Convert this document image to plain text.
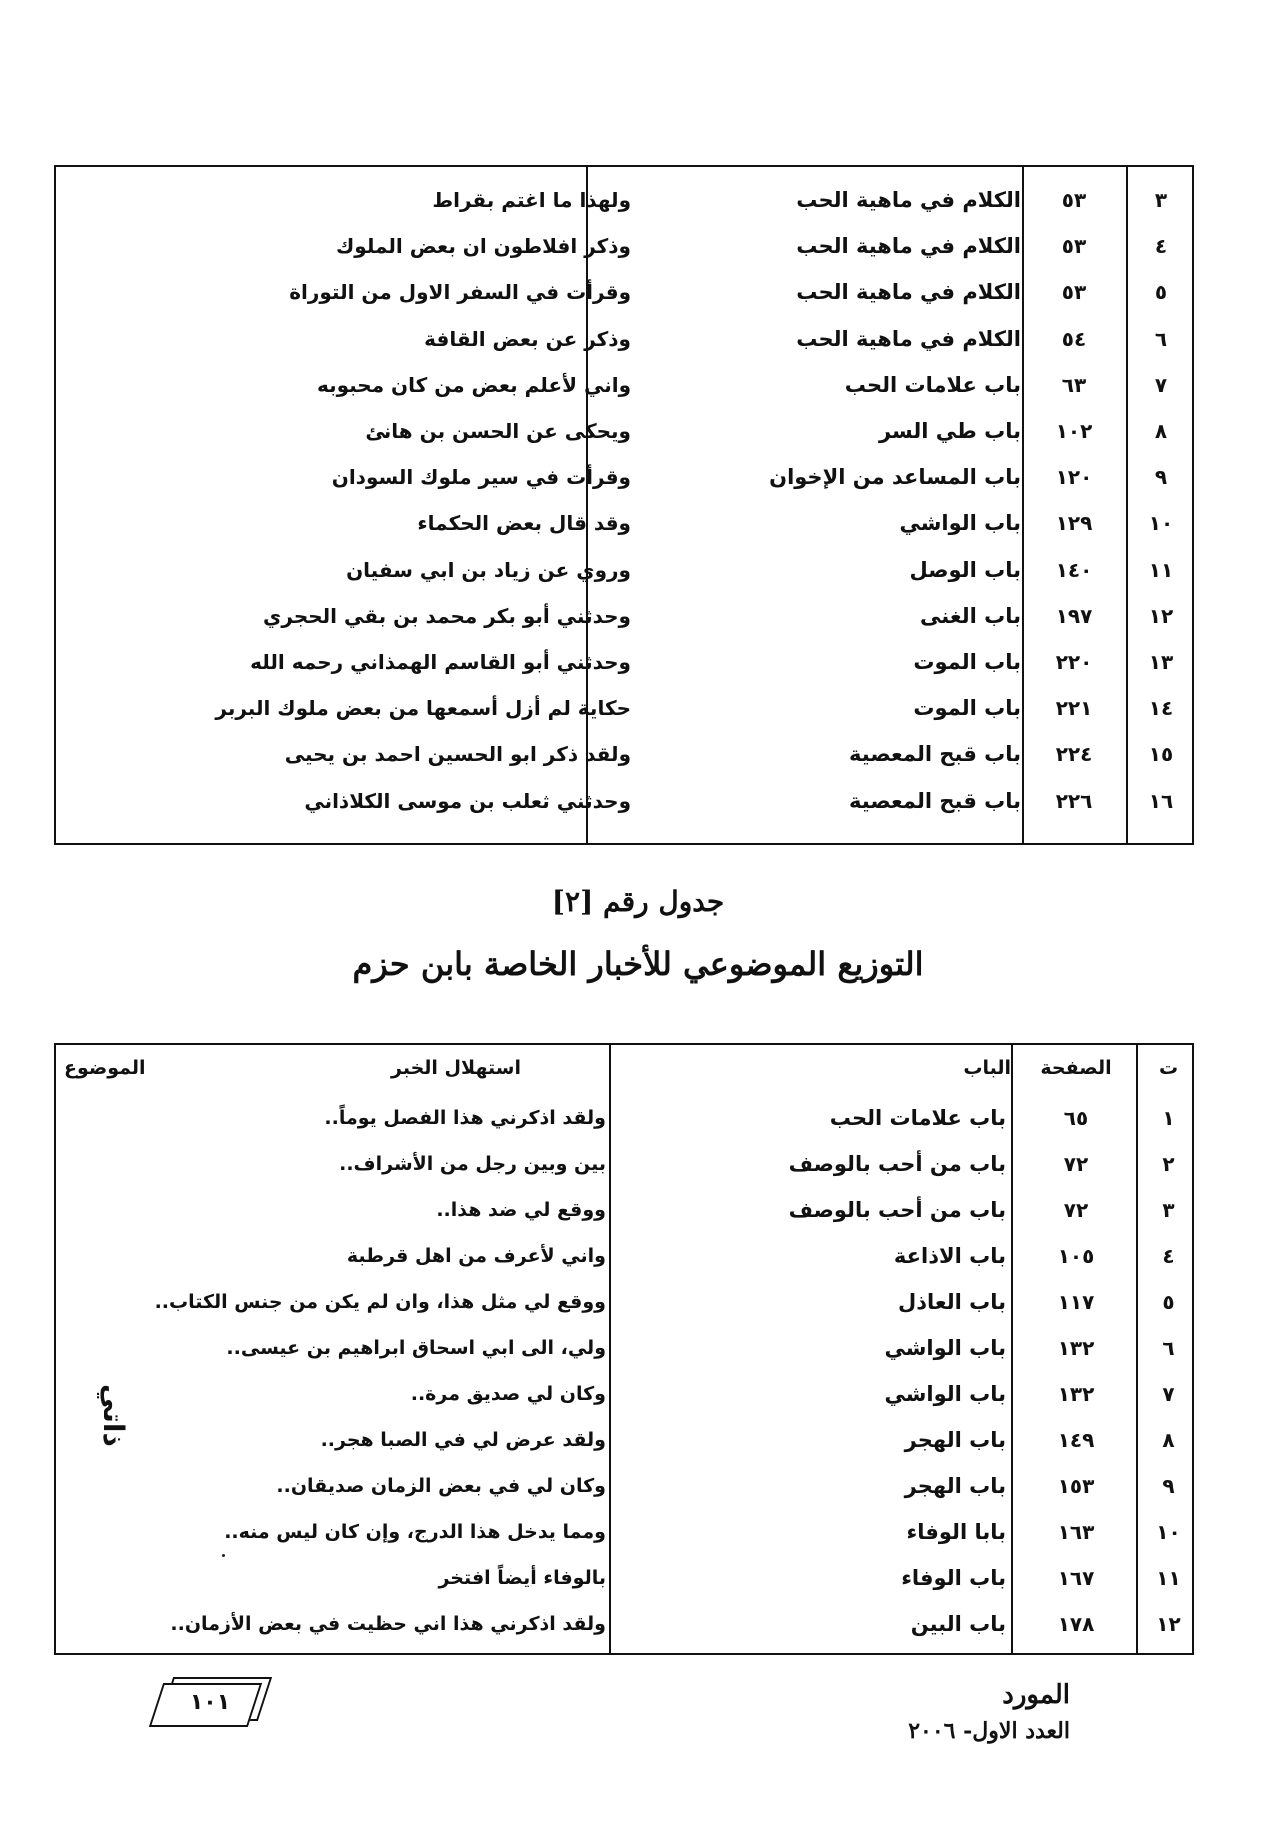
٣
٥٣
الكلام في ماهية الحب
ولهذا ما اغتم بقراط
٤
٥٣
الكلام في ماهية الحب
وذكر افلاطون ان بعض الملوك
٥
٥٣
الكلام في ماهية الحب
وقرأت في السفر الاول من التوراة
٦
٥٤
الكلام في ماهية الحب
وذكر عن بعض القافة
٧
٦٣
باب علامات الحب
واني لأعلم بعض من كان محبوبه
٨
١٠٢
باب طي السر
ويحكى عن الحسن بن هانئ
٩
١٢٠
باب المساعد من الإخوان
وقرأت في سير ملوك السودان
١٠
١٢٩
باب الواشي
وقد قال بعض الحكماء
١١
١٤٠
باب الوصل
وروي عن زياد بن ابي سفيان
١٢
١٩٧
باب الغنى
وحدثني أبو بكر محمد بن بقي الحجري
١٣
٢٢٠
باب الموت
وحدثني أبو القاسم الهمذاني رحمه الله
١٤
٢٢١
باب الموت
حكاية لم أزل أسمعها من بعض ملوك البربر
١٥
٢٢٤
باب قبح المعصية
ولقد ذكر ابو الحسين احمد بن يحيى
١٦
٢٢٦
باب قبح المعصية
وحدثني ثعلب بن موسى الكلاذاني
جدول رقم [٢]
التوزيع الموضوعي للأخبار الخاصة بابن حزم
ت
الصفحة
الباب
استهلال الخبر
الموضوع
١
٦٥
باب علامات الحب
ولقد اذكرني هذا الفصل يوماً..
٢
٧٢
باب من أحب بالوصف
بين وبين رجل من الأشراف..
٣
٧٢
باب من أحب بالوصف
ووقع لي ضد هذا..
٤
١٠٥
باب الاذاعة
واني لأعرف من اهل قرطبة
٥
١١٧
باب العاذل
ووقع لي مثل هذا، وان لم يكن من جنس الكتاب..
٦
١٣٢
باب الواشي
ولي، الى ابي اسحاق ابراهيم بن عيسى..
٧
١٣٢
باب الواشي
وكان لي صديق مرة..
٨
١٤٩
باب الهجر
ولقد عرض لي في الصبا هجر..
٩
١٥٣
باب الهجر
وكان لي في بعض الزمان صديقان..
١٠
١٦٣
بابا الوفاء
ومما يدخل هذا الدرج، وإن كان ليس منه..
١١
١٦٧
باب الوفاء
بالوفاء أيضاً افتخر
١٢
١٧٨
باب البين
ولقد اذكرني هذا اني حظيت في بعض الأزمان..
ذاتي
١٠١	المورد
العدد الاول- ٢٠٠٦
